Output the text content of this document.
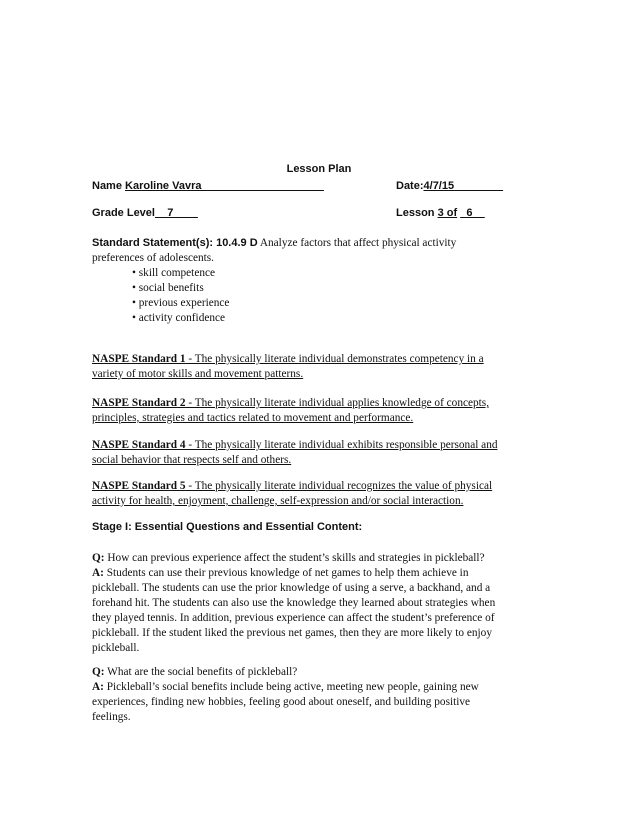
Lesson Plan
Name Karoline Vavra____________________	Date:4/7/15________
Grade Level__7____	Lesson 3 of _6__
Standard Statement(s): 10.4.9 D Analyze factors that affect physical activity
preferences of adolescents.
• skill competence
• social benefits
• previous experience
• activity confidence
NASPE Standard 1 - The physically literate individual demonstrates competency in a
variety of motor skills and movement patterns.
NASPE Standard 2 - The physically literate individual applies knowledge of concepts,
principles, strategies and tactics related to movement and performance.
NASPE Standard 4 - The physically literate individual exhibits responsible personal and
social behavior that respects self and others.
NASPE Standard 5 - The physically literate individual recognizes the value of physical
activity for health, enjoyment, challenge, self-expression and/or social interaction.
Stage I: Essential Questions and Essential Content:
Q: How can previous experience affect the student’s skills and strategies in pickleball?
A: Students can use their previous knowledge of net games to help them achieve in
pickleball. The students can use the prior knowledge of using a serve, a backhand, and a
forehand hit. The students can also use the knowledge they learned about strategies when
they played tennis. In addition, previous experience can affect the student’s preference of
pickleball. If the student liked the previous net games, then they are more likely to enjoy
pickleball.
Q: What are the social benefits of pickleball?
A: Pickleball’s social benefits include being active, meeting new people, gaining new
experiences, finding new hobbies, feeling good about oneself, and building positive
feelings.
